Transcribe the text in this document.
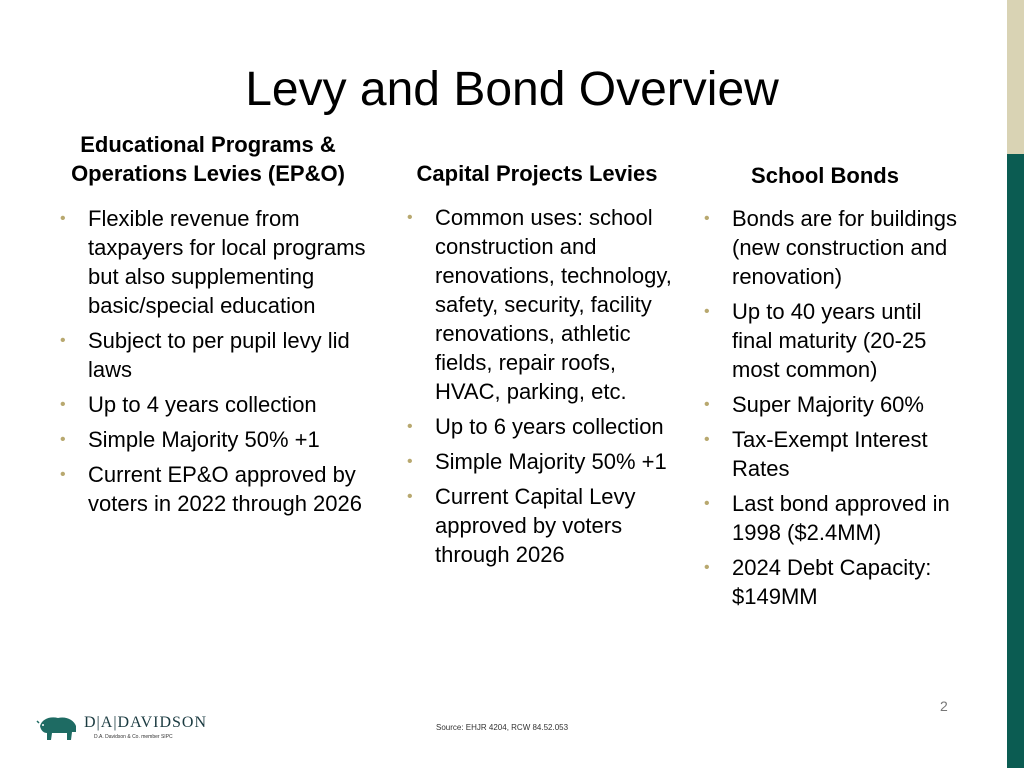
Levy and Bond Overview
Educational Programs &
Operations Levies (EP&O)	Capital Projects Levies	School Bonds
• Flexible revenue from taxpayers for local programs but also supplementing basic/special education
• Subject to per pupil levy lid laws
• Up to 4 years collection
• Simple Majority 50% +1
• Current EP&O approved by voters in 2022 through 2026
• Common uses: school construction and renovations, technology, safety, security, facility renovations, athletic fields, repair roofs, HVAC, parking, etc.
• Up to 6 years collection
• Simple Majority 50% +1
• Current Capital Levy approved by voters through 2026
• Bonds are for buildings (new construction and renovation)
• Up to 40 years until final maturity (20-25 most common)
• Super Majority 60%
• Tax-Exempt Interest Rates
• Last bond approved in 1998 ($2.4MM)
• 2024 Debt Capacity: $149MM
2
Source: EHJR 4204, RCW 84.52.053
D|A|DAVIDSON
D.A. Davidson & Co. member SIPC
